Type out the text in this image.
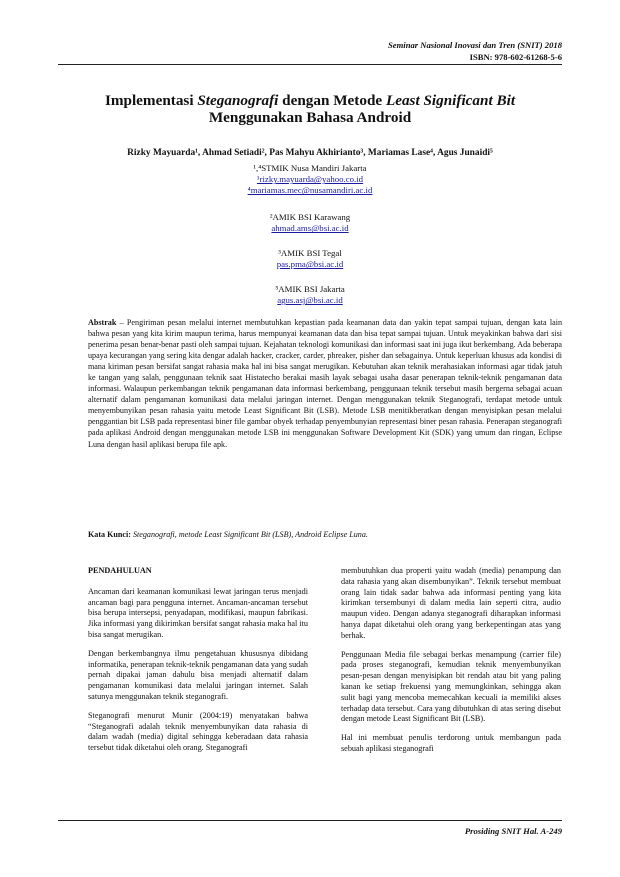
Seminar Nasional Inovasi dan Tren (SNIT) 2018
ISBN: 978-602-61268-5-6
Implementasi Steganografi dengan Metode Least Significant Bit
Menggunakan Bahasa Android
Rizky Mayuarda¹, Ahmad Setiadi², Pas Mahyu Akhirianto³, Mariamas Lase⁴, Agus Junaidi⁵
¹,⁴STMIK Nusa Mandiri Jakarta
¹rizky.mayuarda@yahoo.co.id
⁴mariamas.mec@nusamandiri.ac.id
²AMIK BSI Karawang
ahmad.ams@bsi.ac.id
³AMIK BSI Tegal
pas.pma@bsi.ac.id
⁵AMIK BSI Jakarta
agus.asj@bsi.ac.id
Abstrak – Pengiriman pesan melalui internet membutuhkan kepastian pada keamanan data dan yakin tepat sampai tujuan, dengan kata lain bahwa pesan yang kita kirim maupun terima, harus mempunyai keamanan data dan bisa tepat sampai tujuan. Untuk meyakinkan bahwa dari sisi penerima pesan benar-benar pasti oleh sampai tujuan. Kejahatan teknologi komunikasi dan informasi saat ini juga ikut berkembang. Ada beberapa upaya kecurangan yang sering kita dengar adalah hacker, cracker, carder, phreaker, pisher dan sebagainya. Untuk keperluan khusus ada kondisi di mana kiriman pesan bersifat sangat rahasia maka hal ini bisa sangat merugikan. Kebutuhan akan teknik merahasiakan informasi agar tidak jatuh ke tangan yang salah, penggunaan teknik saat Histatecho berakai masih layak sebagai usaha dasar penerapan teknik-teknik pengamanan data informasi. Walaupun perkembangan teknik pengamanan data informasi berkembang, penggunaan teknik tersebut masih bergerna sebagai acuan alternatif dalam pengamanan komunikasi data melalui jaringan internet. Dengan menggunakan teknik Steganografi, terdapat metode untuk menyembunyikan pesan rahasia yaitu metode Least Significant Bit (LSB). Metode LSB menitikberatkan dengan menyisipkan pesan melalui penggantian bit LSB pada representasi biner file gambar obyek terhadap penyembunyian representasi biner pesan rahasia. Penerapan steganografi pada aplikasi Android dengan menggunakan metode LSB ini menggunakan Software Development Kit (SDK) yang umum dan ringan, Eclipse Luna dengan hasil aplikasi berupa file apk.
Kata Kunci: Steganografi, metode Least Significant Bit (LSB), Android Eclipse Luna.

PENDAHULUAN

Ancaman dari keamanan komunikasi lewat jaringan terus menjadi ancaman bagi para pengguna internet. Ancaman-ancaman tersebut bisa berupa intersepsi, penyadapan, modifikasi, maupun fabrikasi. Jika informasi yang dikirimkan bersifat sangat rahasia maka hal itu bisa sangat merugikan.

Dengan berkembangnya ilmu pengetahuan khususnya dibidang informatika, penerapan teknik-teknik pengamanan data yang sudah pernah dipakai jaman dahulu bisa menjadi alternatif dalam pengamanan komunikasi data melalui jaringan internet. Salah satunya menggunakan teknik steganografi.

Steganografi menurut Munir (2004:19) menyatakan bahwa “Steganografi adalah teknik menyembunyikan data rahasia di dalam wadah (media) digital sehingga keberadaan data rahasia tersebut tidak diketahui oleh orang. Steganografi

membutuhkan dua properti yaitu wadah (media) penampung dan data rahasia yang akan disembunyikan”. Teknik tersebut membuat orang lain tidak sadar bahwa ada informasi penting yang kita kirimkan tersembunyi di dalam media lain seperti citra, audio maupun video. Dengan adanya steganografi diharapkan informasi hanya dapat diketahui oleh orang yang berkepentingan atas yang berhak.

Penggunaan Media file sebagai berkas menampung (carrier file) pada proses steganografi, kemudian teknik menyembunyikan pesan-pesan dengan menyisipkan bit rendah atau bit yang paling kanan ke setiap frekuensi yang memungkinkan, sehingga akan sulit bagi yang mencoba memecahkan kecuali ia memiliki akses terhadap data tersebut. Cara yang dibutuhkan di atas sering disebut dengan metode Least Significant Bit (LSB).

Hal ini membuat penulis terdorong untuk membangun pada sebuah aplikasi steganografi

Prosiding SNIT Hal. A-249
